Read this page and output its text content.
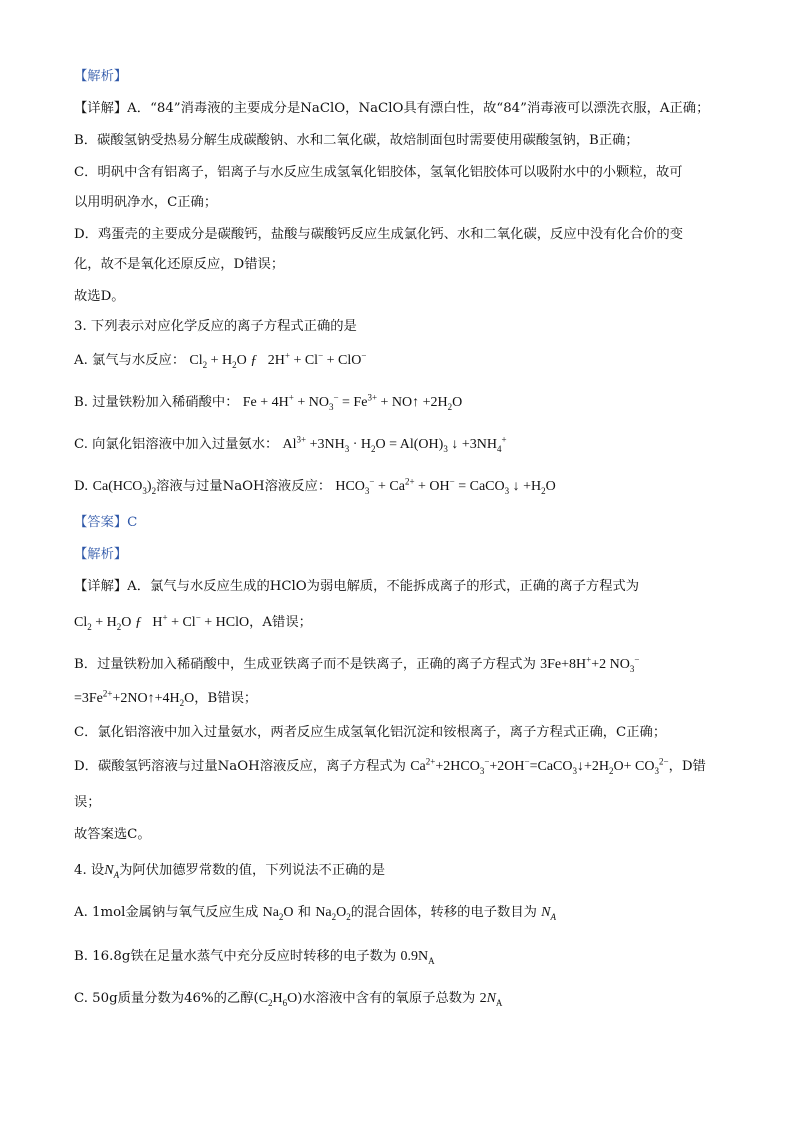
【解析】
【详解】A．“84”消毒液的主要成分是NaClO，NaClO具有漂白性，故“84”消毒液可以漂洗衣服，A正确；
B．碳酸氢钠受热易分解生成碳酸钠、水和二氧化碳，故焙制面包时需要使用碳酸氢钠，B正确；
C．明矾中含有铝离子，铝离子与水反应生成氢氧化铝胶体，氢氧化铝胶体可以吸附水中的小颗粒，故可
以用明矾净水，C正确；
D．鸡蛋壳的主要成分是碳酸钙，盐酸与碳酸钙反应生成氯化钙、水和二氧化碳，反应中没有化合价的变
化，故不是氧化还原反应，D错误；
故选D。
3. 下列表示对应化学反应的离子方程式正确的是
A. 氯气与水反应： $Cl_2 + H_2O$ ƒ   2H+ + Cl− + ClO−
B. 过量铁粉加入稀硝酸中： $Fe + 4H^+ + NO_3^- = Fe^{3+}$ + NO↑ $+2H_2O$
C. 向氯化铝溶液中加入过量氨水： $Al^{3+} +3NH_3 \cdot H_2O = Al(OH)_3$ ↓ $+3NH_4^+$
D. $Ca(HCO_3)_2$溶液与过量NaOH溶液反应： $HCO_3^- + Ca^{2+} + OH^-$ = CaCO$_3$ ↓ $+H_2O$
【答案】C
【解析】
【详解】A．氯气与水反应生成的HClO为弱电解质，不能拆成离子的形式，正确的离子方程式为
$Cl_2 + H_2O$ ƒ   H+ + Cl− + HClO，A错误；
B．过量铁粉加入稀硝酸中，生成亚铁离子而不是铁离子，正确的离子方程式为 3Fe+8H++2 $NO_3^-$
$=3Fe^{2+}+2NO↑+4H_2O$，B错误；
C．氯化铝溶液中加入过量氨水，两者反应生成氢氧化铝沉淀和铵根离子，离子方程式正确，C正确；
D．碳酸氢钙溶液与过量NaOH溶液反应，离子方程式为 $Ca^{2+}+2HCO_3^-+2OH^-=CaCO_3↓+2H_2O+ CO_3^{2-}$，D错
误；
故答案选C。
4. 设$N_A$为阿伏加德罗常数的值，下列说法不正确的是
A. 1mol金属钠与氧气反应生成 $Na_2O$ 和 $Na_2O_2$的混合固体，转移的电子数目为 $N_A$
B. 16.8g铁在足量水蒸气中充分反应时转移的电子数为 $0.9N_A$
C. 50g质量分数为46%的乙醇$(C_2H_6O)$水溶液中含有的氧原子总数为 $2N_A$
